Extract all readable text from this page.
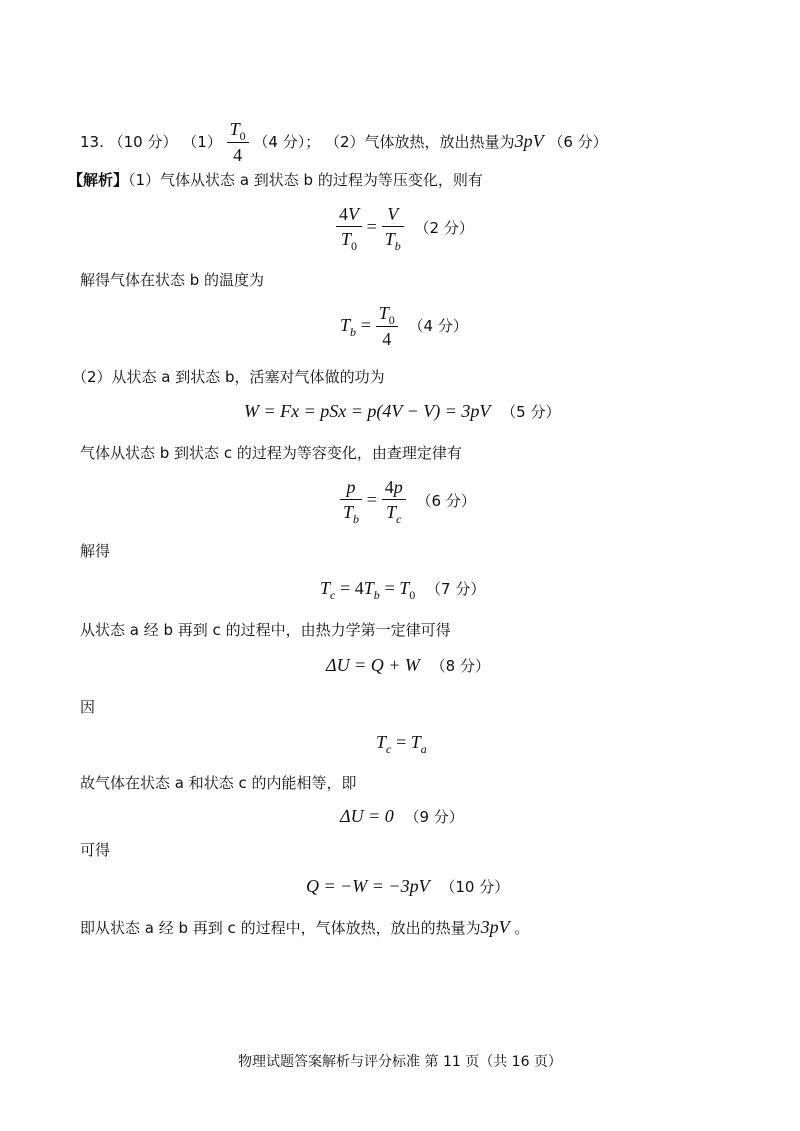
13. （10 分） $(1) \frac{T_0}{4} (4$ 分）； （2）气体放热，放出热量为3pV （6 分）
【解析】（1）气体从状态 a 到状态 b 的过程为等压变化，则有
$\frac{4V}{T_0} = \frac{V}{T_b} (2$ 分）
解得气体在状态 b 的温度为
$T_b = \frac{T_0}{4} (4$ 分）
（2）从状态 a 到状态 b，活塞对气体做的功为
W = Fx = pSx = p(4V − V) = 3pV （5 分）
气体从状态 b 到状态 c 的过程为等容变化，由查理定律有
$\frac{p}{T_b} = \frac{4p}{T_c} (6$ 分）
解得
$T_c = 4T_b = T_0$ （7 分）
从状态 a 经 b 再到 c 的过程中，由热力学第一定律可得
ΔU = Q + W （8 分）
因
$T_c = T_a$
故气体在状态 a 和状态 c 的内能相等，即
ΔU = 0 （9 分）
可得
Q = −W = −3pV （10 分）
即从状态 a 经 b 再到 c 的过程中，气体放热，放出的热量为3pV 。
物理试题答案解析与评分标准 第 11 页（共 16 页）
